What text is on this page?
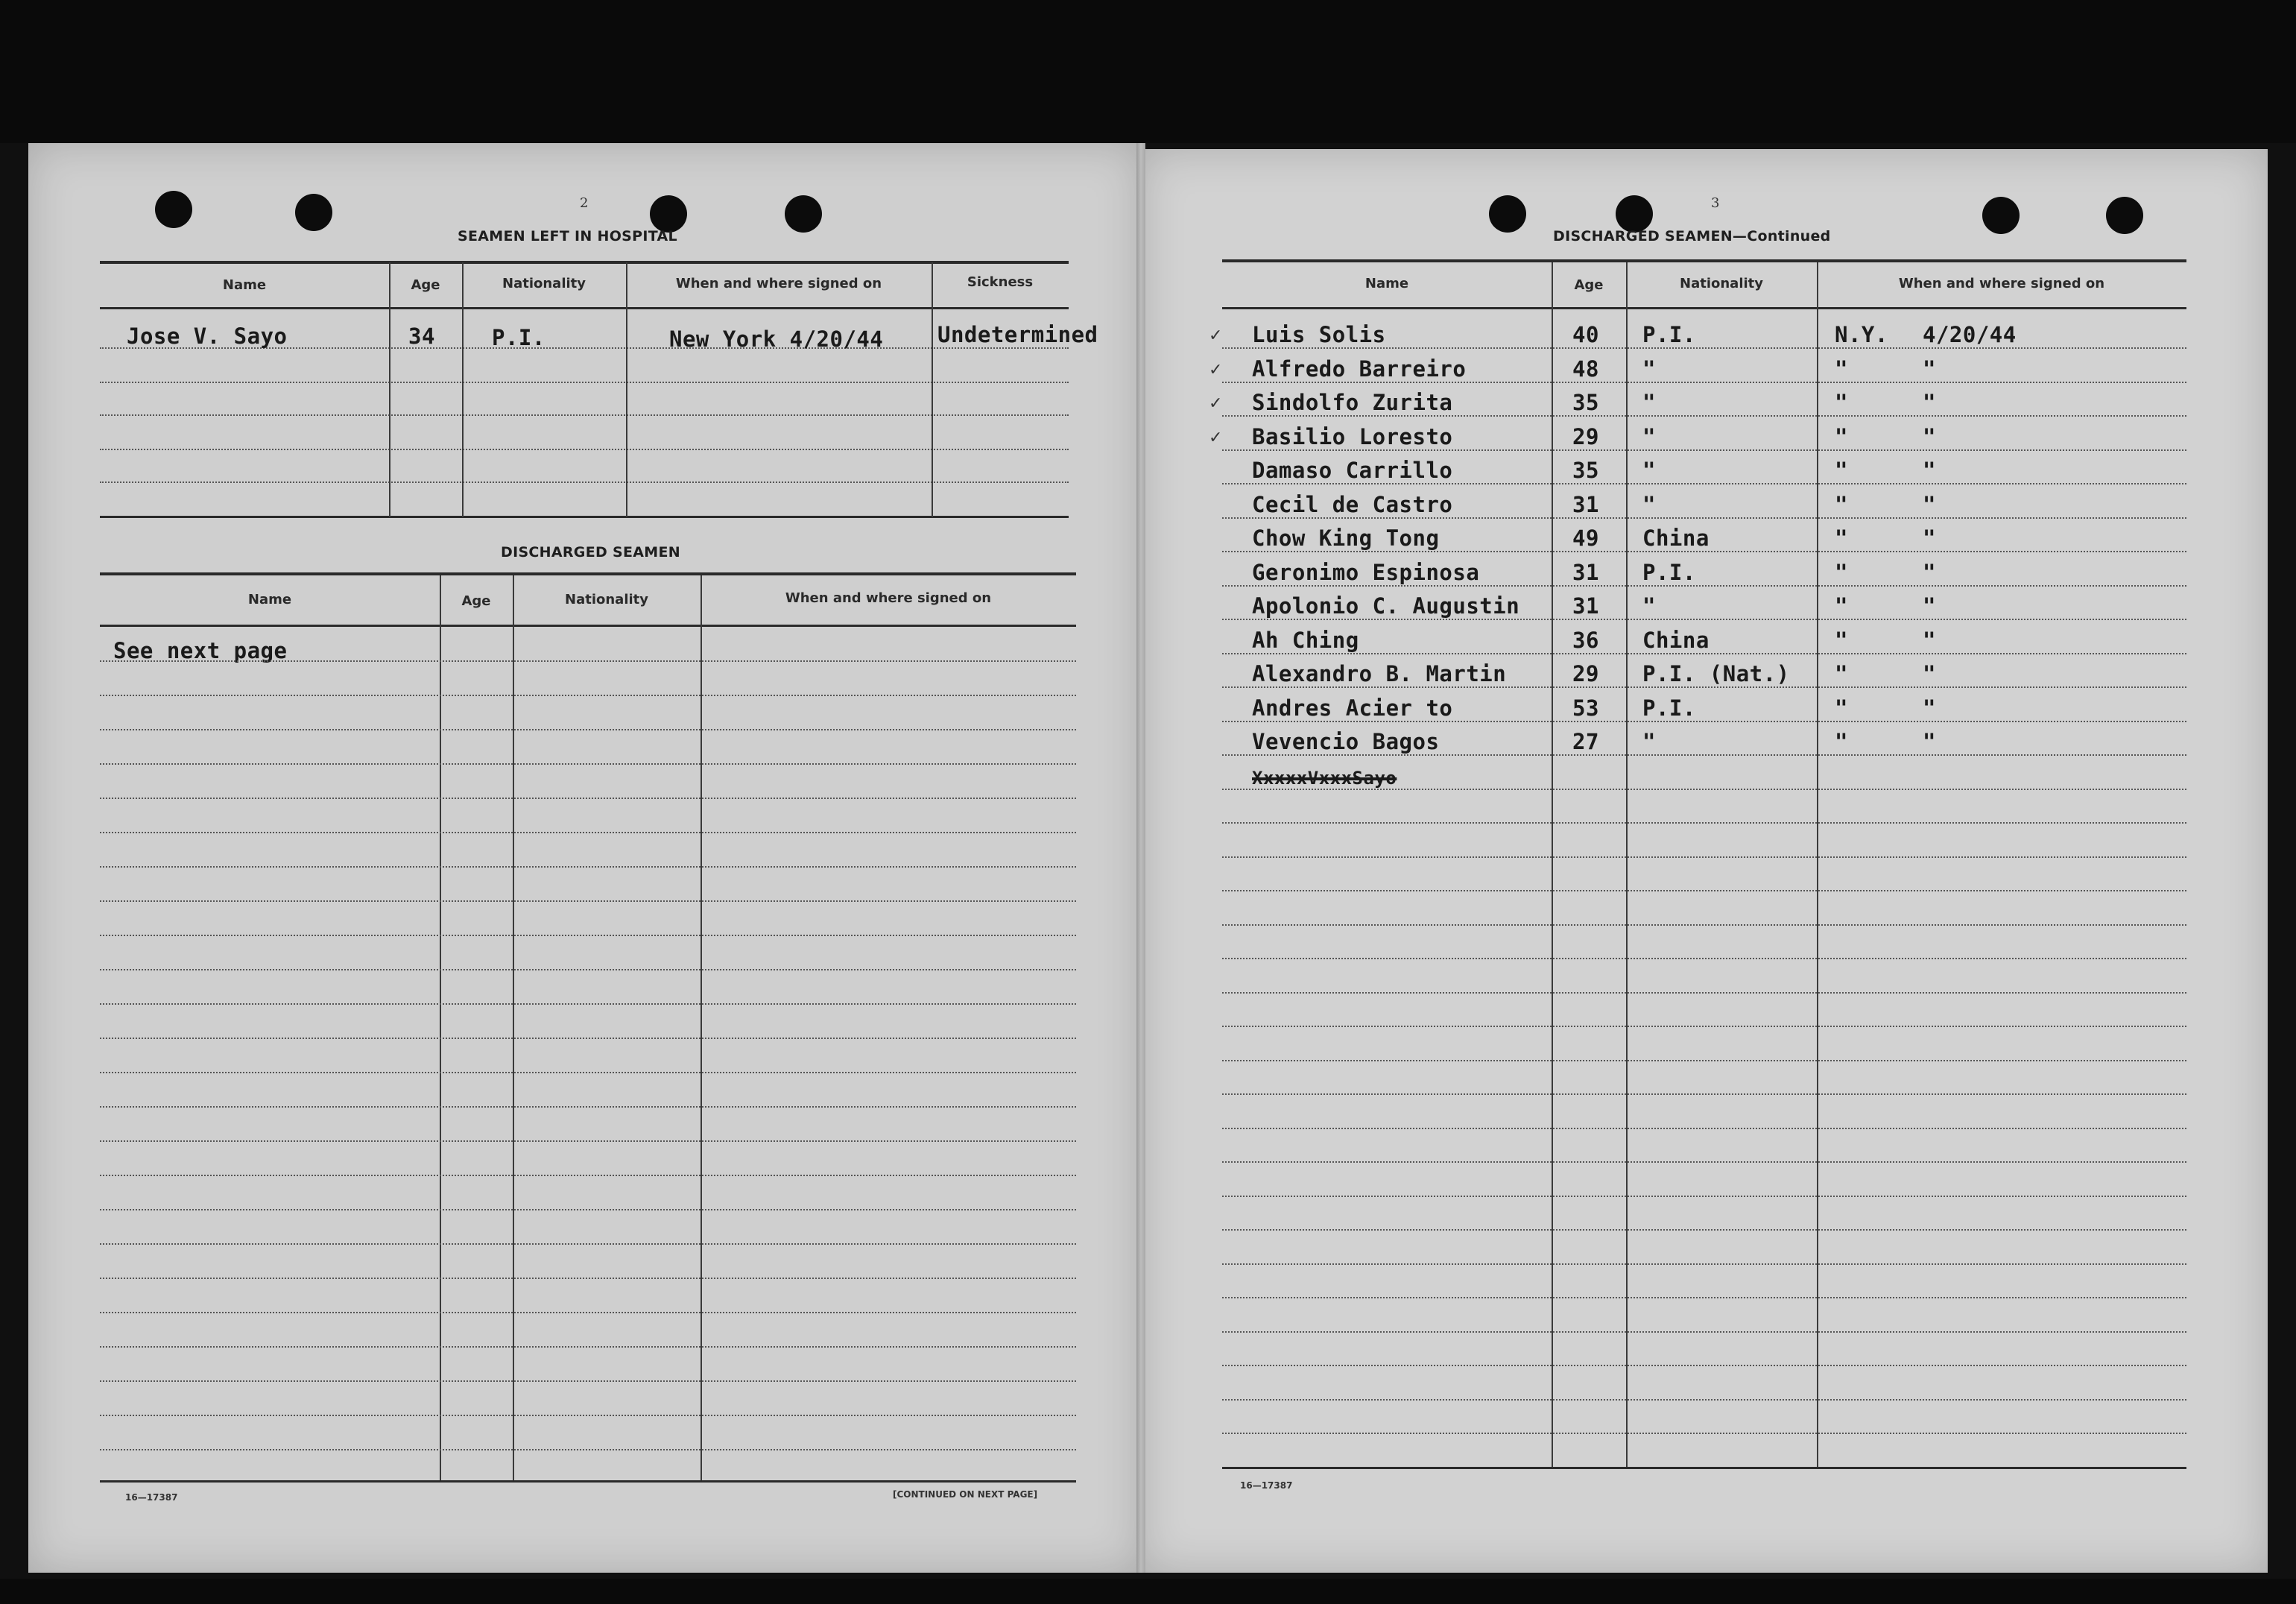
2
SEAMEN LEFT IN HOSPITAL
Name	Age	Nationality	When and where signed on	Sickness
Jose V. Sayo	34	P.I.	New York 4/20/44	Undetermined
DISCHARGED SEAMEN
Name	Age	Nationality	When and where signed on
See next page
16—17387	[CONTINUED ON NEXT PAGE]
3
DISCHARGED SEAMEN—Continued
Name	Age	Nationality	When and where signed on
✓ Luis Solis	40 P.I.	N.Y. 4/20/44
✓ Alfredo Barreiro	48 "	"	"
✓ Sindolfo Zurita	35 "	"	"
✓ Basilio Loresto	29 "	"	"
Damaso Carrillo	35 "	"	"
Cecil de Castro	31 "	"	"
Chow King Tong	49 China	"	"
Geronimo Espinosa	31 P.I.	"	"
Apolonio C. Augustin 31 "	"	"
Ah Ching	36 China	"	"
Alexandro B. Martin	29 P.I. (Nat.) "	"
Andres Acier to	53 P.I.	"	"
Vevencio Bagos	27 "	"	"
XxxxxVxxxSayo
16—17387
